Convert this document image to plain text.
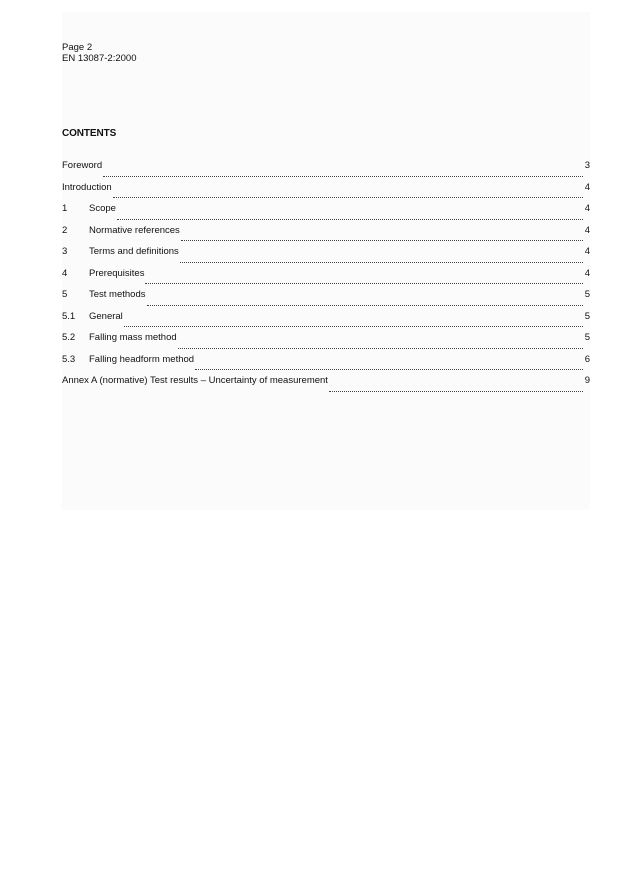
Page 2
EN 13087-2:2000
CONTENTS
Foreword	3
Introduction	4
1	Scope	4
2	Normative references	4
3	Terms and definitions	4
4	Prerequisites	4
5	Test methods	5
5.1	General	5
5.2	Falling mass method	5
5.3	Falling headform method	6
Annex A (normative) Test results – Uncertainty of measurement	9
